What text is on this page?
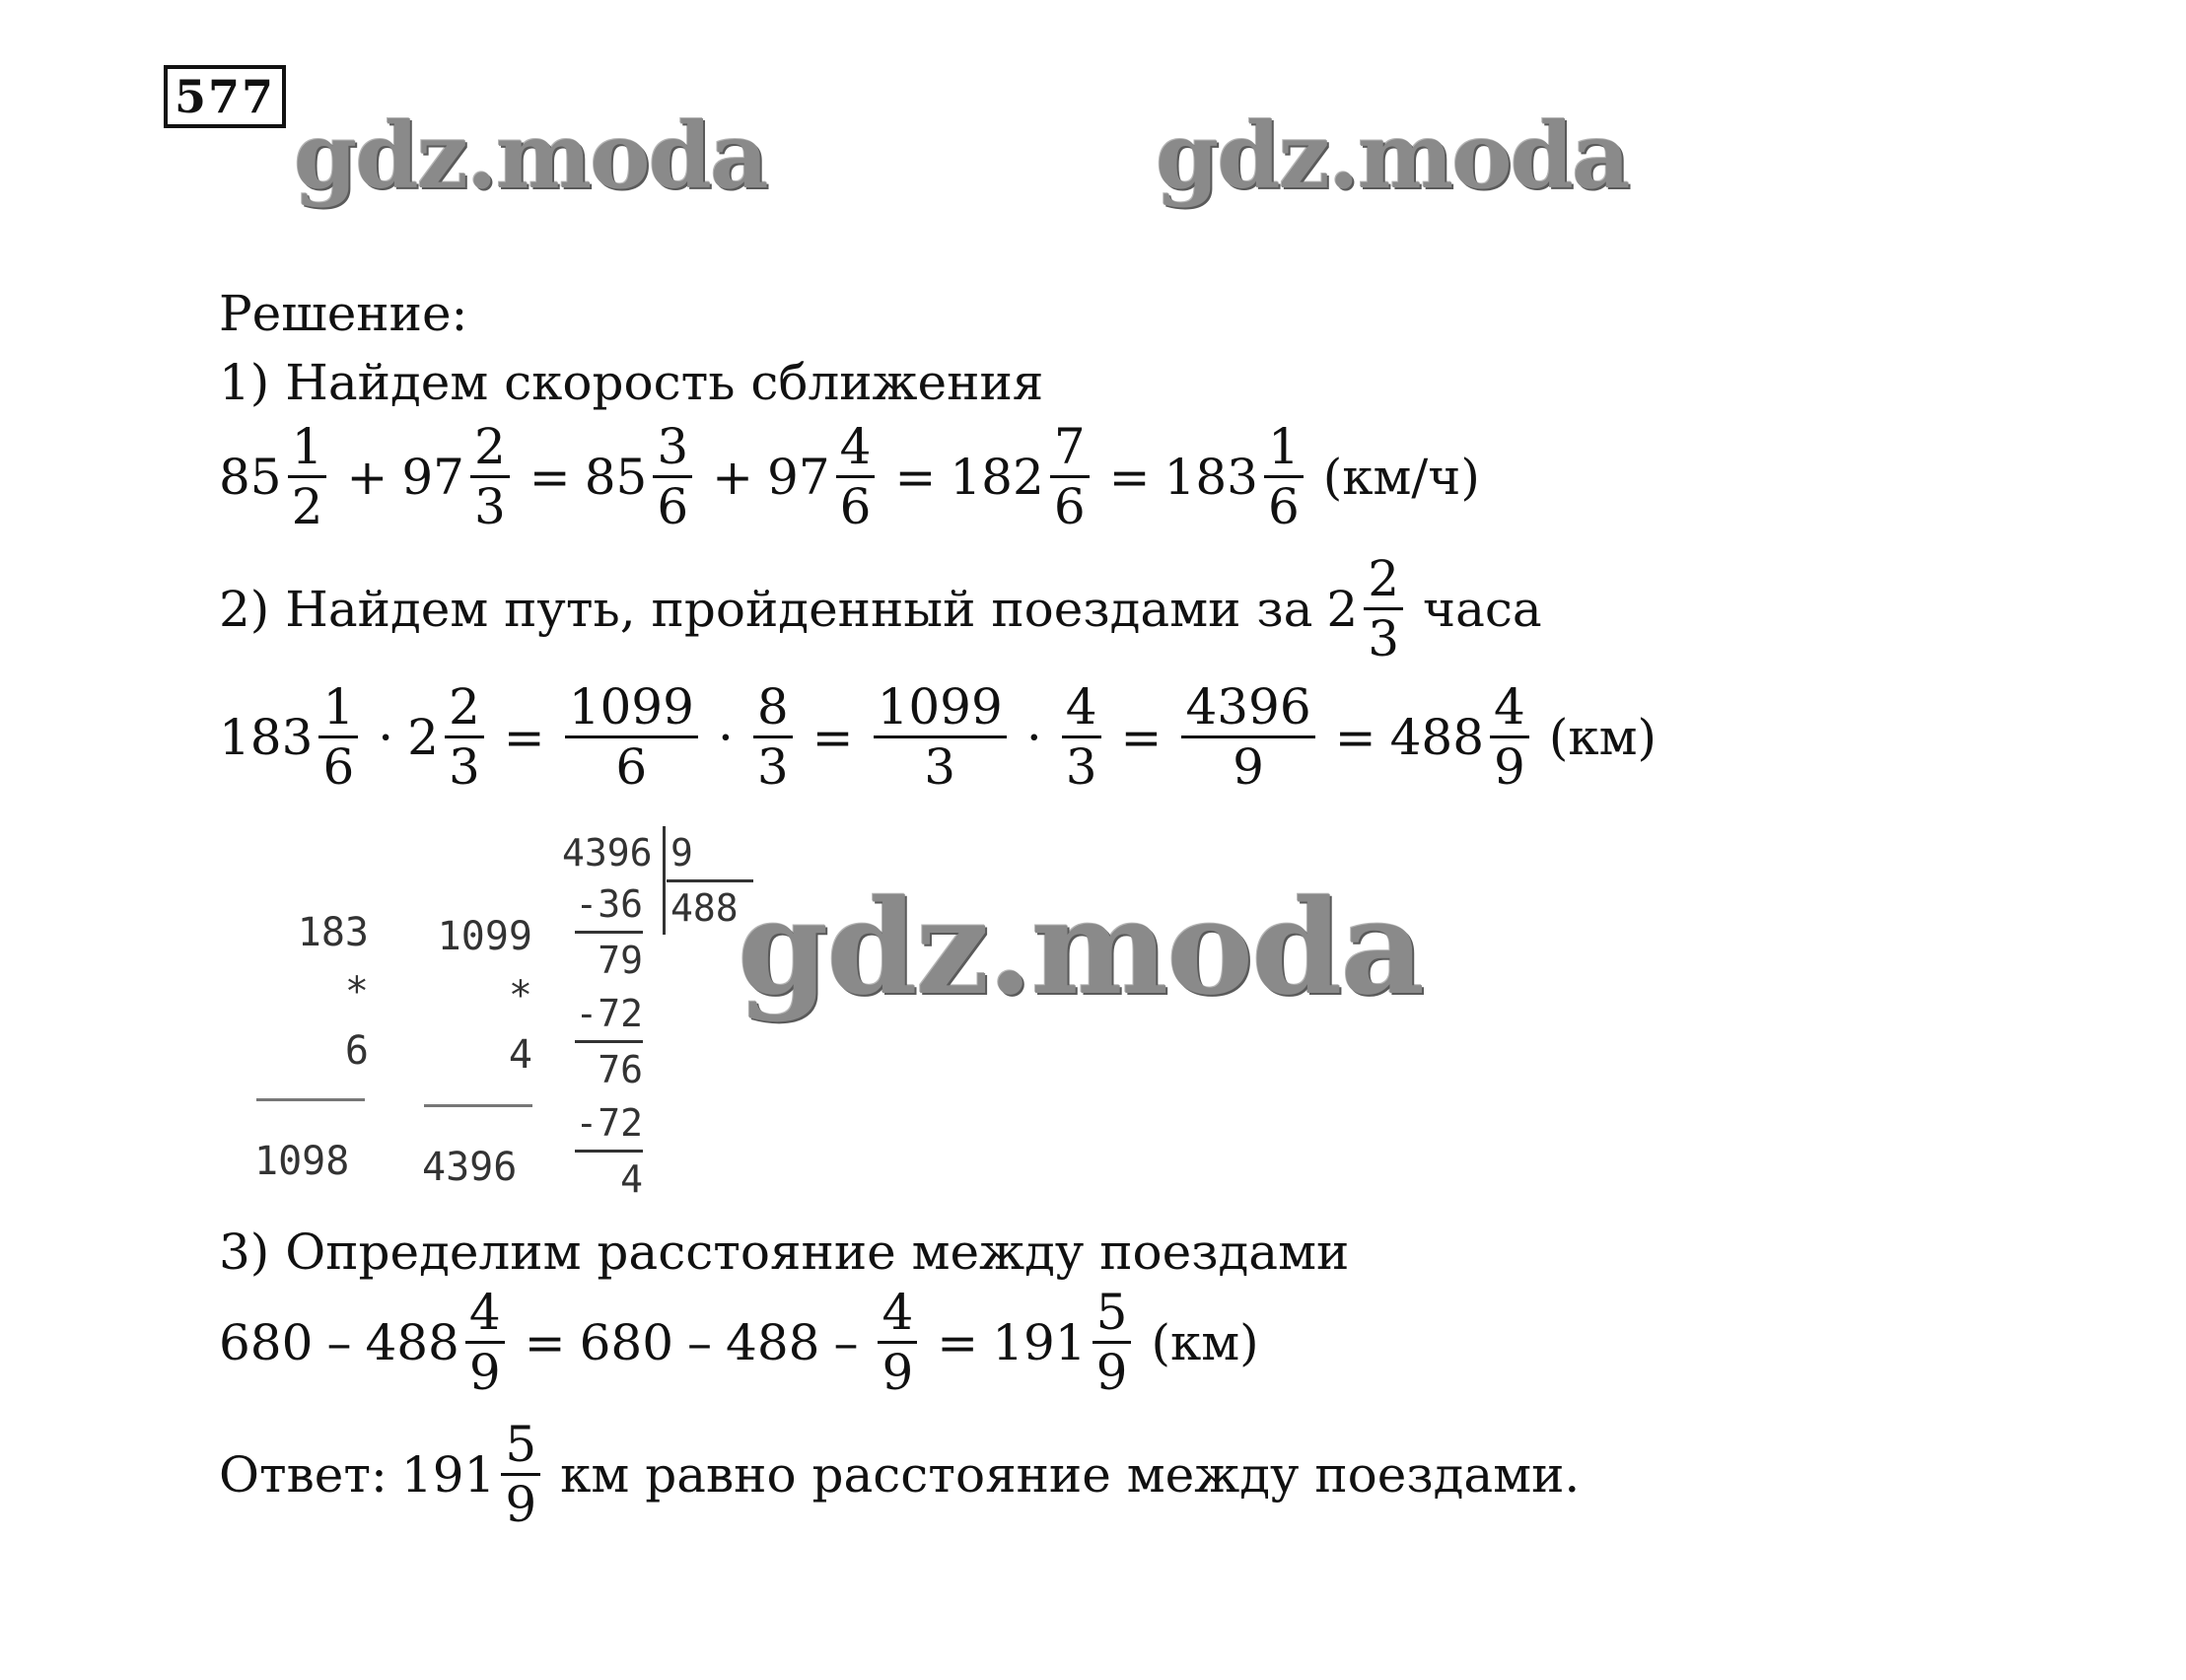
577
gdz.moda	gdz.moda
Решение:
1) Найдем скорость сближения
$85 \frac{1}{2} + 97 \frac{2}{3} = 85 \frac{3}{6} + 97 \frac{4}{6} = 182 \frac{7}{6} = 183 \frac{1}{6} (км/ч)$
2) Найдем путь, пройденный поездами за $2 \frac{2}{3}$ часа
$183 \frac{1}{6} \cdot 2 \frac{2}{3} = \frac{1099}{6} \cdot \frac{8}{3} = \frac{1099}{3} \cdot \frac{4}{3} = \frac{4396}{9} = 488 \frac{4}{9} (км)$
183
*
6
1098
1099
*
4
4396
4396 9
488
-36
79
-72
76
-72
4
gdz.moda
3) Определим расстояние между поездами
$680 - 488 \frac{4}{9} = 680 - 488 - \frac{4}{9} = 191 \frac{5}{9} (км)$
Ответ: $191 \frac{5}{9}$ км равно расстояние между поездами.
